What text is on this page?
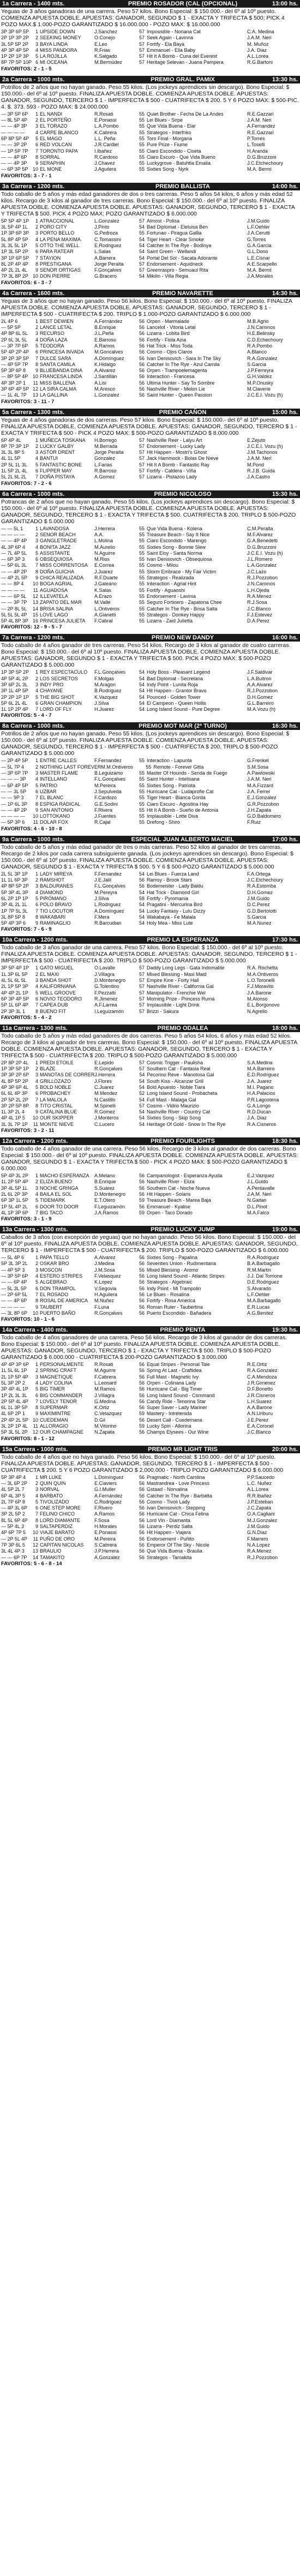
1a Carrera - 1400 mts.	PREMIO ROSADOR (CAL (OPCIONAL)	13:00 hs.
Yeguas de 3 años ganadoras de una carrera. Peso 57 kilos. Bono Especial: $ 150.000.- del 6º al 10º puesto. COMIENZA APUESTA DOBLE. APUESTAS: GANADOR, SEGUNDO $ 1 - EXACTA Y TRIFECTA $ 500; PICK 4 POZO MAX.$ 1.000-POZO GARANTIZADO $ 16.000.000 - POZO MAX: $ 16.000.000
3P 3P 6P 5P	1 UPSIDE DOWN	J.Sanchez	57 Impossible - Noriana Cat	C.A. Medina
2P 1P 3P 2P	2 SEEKING MONEY	O.Conejo	57 Seek Again - Lavinna	J.A.M. Neri
3L 5P 5P 2P	3 BAYA LINDA	E.Leo	57 Fortify - Ela Baya	M. Muñoz
4P 3P 4P 5P	4 MISS PANDORA	R.Frias	57 Emmanuel - Ella Baby	J.A. Diaz
1P 2P 1P 3P	5 LA ROJILLA	K.Salgado	57 Hit It A Bomb - Cuna del Everest	A.L.Lorea
8P 7P 5P 10P 6 MI OCEANA	M.Bermúdez	57 Heritage Selevan - Juana Pampera	R.G.Bartoni
FAVORITOS: 2 - 1 - 5
2a Carrera - 1000 mts.	PREMIO GRAL. PAMIX	13:30 hs.
Potrillos de 2 años que no hayan ganado. Peso 55 kilos. (Los jockeys aprendices sin descargo). Bono Especial: $ 150.000.- del 6º al 10º puesto. FINALIZA APUESTA DOBLE. COMIENZA APUESTA DOBLE. APUESTAS: GANADOR, SEGUNDO, TERCERO $ 1 - IMPERFECTA $ 500 - CUATRIFECTA $ 200. 5 Y 6 POZO MAX: $ 500-PIC. 4. $. 373. 593 - POZO MAX: $ 24.000.000
— 3P 5P 6P	1 EL NANDI	R.Rosati	55 Quiet Brother - Fecha De La Andes	R.E.Gazzari
— 8L 5P 4P	2 EL PORTEÑO	E.Ponassi	55 Lei Blues - Sirpe	J.A.M. Neri
— — 4P 3P	3 EL TORAZO	L.A.Pombo	55 Que Vida Buena - Elar	A.Fernandez
— — — —	4 CARPE BLANCO	K.Cabrera	55 Strategos - Interfriko	R.E.Gazzari
6P 8P 5P 4P	5 EL MAGO	L.L. Peña	55 Toro Final - Morgana	P.Torres
— — 3P 2P	6 RED VOLCAN	J.R.Cardiel	55 Pure Prize - Fiume	L.Toselli
— 1P 5P 7P	7 TORONTO PAPA	I.Ibañez	55 Ciaro Escondido - Ciseta	H.Aranda
— — 4P 6P	8 SORRAL	R.Cardoso	55 Ciaro Escuro - Que Vida Bueno	D.G.Bruzzoni
— — 4P 3P	9 SERAPHIN	J.Chavez	55 Luckygrove - Batuhtla Emalia	J.C.Etchechoury
— 6P 3P 5P 10 EL MONE	J.Aguilera	55 Sixties Song - Nyrk	M.A. Bermi
FAVORITOS: 3 - 7 - 1
3a Carrera - 1200 mts.	PREMIO BALLISTA	14:00 hs.
Todo caballo de 5 años y más edad ganadores de dos o tres carreras. Peso 5 años 54 kilos, 6 años y más edad 52 kilos. Recargo de 3 kilos al ganador de tres carreras. Bono Especial: $ 150.000.- del 6º al 10º puesto. FINALIZA APUESTA DOBLE. COMIENZA APUESTA DOBLE. APUESTAS: GANADOR, SEGUNDO, TERCERO $ 1 - EXACTA Y TRIFECTA $ 500. PICK 4 POZO MAX: POZO GARANTIZADO $ 6.000.000
5P 5P 4P 1P	1 ATRACCIONAL	L.Gonzalez	57 Almost - Polisa	J.M.Guido
3L 5P 4P 1L	2 PORO CITY	J.Pinto	54 Bad Diplomat - Eleluisa Ben	L.F.Oehler
1P 3P 6P 3P	3 PORTO BELLO	G.Pedroza	55 Fortunao - Piragua Gallia	J.A.Cerutti
5L 8P 4P 5P	4 LA PENA MAXIMA	C.Tomassini	54 Tiger Heart - Clear Smoke	G.Torres
3L 3L 5L 1P	5 OTTO THE WELL	E.Rodriguez	54 Catcher In The Rye - Bodinya	G.A.Garcia
1P 3L 5P 2P	6 PARA RATEAR	L.Salas	54 Saint Green - Wellandi	G.L.Dono
3P 1P 6P 5P	7 STAYION	A.Barrera	54 Portal Del Sol - Sacata Adorante	L.E.Cisnar
8L 2P 4P 4P	8 PRESTIGANA	Jorge Peralta	57 Endorsement - Aquidneck	A.E.Scarpello
4P 2L 2L 4L	9 SENOR ORTIGAS	F.Gonçalves	57 Greenraspro - Semuaul Rita	M.A. Bermi
7P 3L 8P 2P 10 DON PIERRE	G.Bracero	54 Mikilin - Villa Regia	J.A.Morales
FAVORITOS: 6 - 3 - 7
4a Carrera - 1600 mts.	PREMIO NAVARETTE	14:30 hs.
Yeguas de 3 años que no hayan ganado. Peso 56 kilos. Bono Especial: $ 150.000.- del 6º al 10º puesto. FINALIZA APUESTA DOBLE. COMIENZA APUESTA DOBLE. APUESTAS: GANADOR, SEGUNDO, TERCERO $ 1 - IMPERFECTA $ 500 - CUATRIFECTA $ 200. TRIPLO $ 1.000-POZO GARANTIZADO $ 6.000.000
2L 4P 6	1 BEST DEWIEN	A.Fernández	56 Orpen - Marmalade	M.B.Agrio
— 5P 5P	2 LANCE LETAL	B.Enrique	56 Lancelot - Vitoria Letal	J.N.Caminos
4P 8P 6L 5L	3 RECURSO	J.L.Peña	56 Lizarra - Lobita Bird	H.E.Belinsky
2P 6L 3L 5L	4 DOÑA LAZA	E.Barroso	56 Fortify - Fiola Azia	C.D.Echechoury
— 3P 7P 6P	5 TEODORA	A.Ramos	56 Hat Trick - Miss Toda	R.A.Pombo
5P 4P 2P 4P	6 PRINCESA INVADA	M.Goncalves	56 Cosmo - Ojos Claros	A.Blanco
3P 2P 3P 5P	7 DULCE SARA	A.Domínguez	56 Ivan Denisovich - Sara In The Sky	R.A.Gonzalez
— 4P 5P 7P	8 SANTA CAMILA	K.Hidalgo	56 Catcher In The Rye - Azul Camila	S.Garcia
5P 3P 6P 8	9 BLUEBANDA DINA	A.Alvarez	56 Orpen - Trampoelemagenta	J.P.Ferreyra
— 8P 5P 4P 10 FRANCESA LINDA	J.Santillán	56 Interaction - Francesa	G.H.Valdez
4P 3P 2P 1	11 MISS BALLENA	A.Lisi	56 Ultima Hunter - Say To Sombre	M.P.Onusky
3P 6P 4P 5P 12 LA SIRA CALMA	M.Aresco	56 Nashville River - Melon Lie	M.Claverie
— 1L 4L 7P	13 LA GALLINA	L.Gonzalez	56 Saint Hunter - Queen Passion	J.C.E.I. Vozu (h)
FAVORITOS: 3 - 11 - 7
5a Carrera - 1300 mts.	PREMIO CAÑON	15:00 hs.
Yeguas de 4 años ganadoras de dos carreras. Peso 57 kilos. Bono Especial: $ 150.000.- del 6º al 10º puesto. FINALIZA APUESTA DOBLE. COMIENZA APUESTA DOBLE. APUESTAS: GANADOR, SEGUNDO, TERCERO $ 1 - EXACTA Y TRIFECTA $ 500 - PICK 4 POZO MAX: $ 500-POZO GARANTIZADO $ 8.000.000
6P 4P 4L	1 MUÑECA TOSKANA	H.Borrego	57 Nashville Reer - Lalyu Art	E.Zejuto
8P 7P 3P 1P	2 LUCKY GALBY	M.Berrada	57 Endorsement - Lucky Lady	J.C.E.I. Vozu (h)
3L 3L 8P 5	3 ASTOR DRENT	Jorge Peralta	57 Hit Happen - Mostri's Ghost	J.M.Tachonos
4L 1L 5P	4 BANTUI	Gonzalez	57 Jack Hammock - Bolas De Nieve	J.A.M. Neri
2P 5L 1L 3L	5 FANTASTIC BONE	L.Farias	57 Hit It A Bomb - Fantastic Ray	M.Pond
1L 5P 2L 4L	6 FLIPPER MAY	R.Barroso	57 Fortify - Caldera - Viña	R.J.B. Guida
5L 2L 6L 2L	7 DOÑA PISTAYA	A.Gomez	57 Lizarra - Pistazoo Lady	J.A.Castro
FAVORITOS: 7 - 2 - 6
6a Carrera - 1000 mts.	PREMIO NICOLOSO	15:30 hs.
Potrancas de 2 años que no hayan ganado. Peso 55 kilos. (Los jockeys aprendices sin descargo). Bono Especial: $ 150.000.- del 6º al 10º puesto. FINALIZA APUESTA DOBLE. COMIENZA APUESTA DOBLE. APUESTAS: GANADOR, SEGUNDO, TERCERO $ 1 - EXACTA Y TRIFECTA $ 500. CUATRIFECTA $ 200. TRIPLO $ 500-POZO GARANTIZADO $ 5.000.000
— — 5L 1	1 LAVANDOSA	J.Herrera	55 Que Vida Buena - Kolena	C.M.Peralta
— — — —	2 SENOR BEACH	A.A.	55 Treasure Beach - Say It Nice	M.F.Alvarez
— — 4P 4P	3 GANGLETRADE	L.Molina	55 Ciaro Escondido - Marengo	G.A.Benedetti
4L 3P 6P 4	4 BONITA JAZZ	M.Aurelio	55 Sixties Song - Bonnie Slew	D.G.Bruzzoni
— 7L 4P 5L	5 ASSISTANTE	N.Aguirre	55 Saint Eloy - Santa Norma	J.C.E.I. Vozu (h)
— 6P 3P 3	6 OBSEQUIOSA	M.Rios	55 Ivan Denisovich - Obsequiosa	J.L.Romero
— 5P 6L 3L	7 MISS CORRENTOSA	E.Correa	55 Cosmo - Milou	L.A.Gonzalez
— — 4P 2P	8 DOÑA GUICHA	J.Juarez	55 Storm Embrace - My Fair Victim	J.C.Lazo
— 4P 2L 5P	9 CHICA REALIZADA	R.F.Duarte	55 Strategos - Realizada	R.J.Pozzobon
— — 8P 4	10 BOGA AGRIAL	J.Galeano	55 Interaction - Agrial Hint	J.N.Caminos
— — — —	11 AGUADOSA	K.Salas	55 Fortify - Aguaoshi	L.H.Ojeda
— — 6P 5L	12 ILLEVATELA	A.Erazo	55 Endorsement - Lavinia	R.A.Menez
— — 3P 7P	13 ZAPATO DEL MAR	M.Valle	55 Seguro Fortinero - Zapatona Chee	R.J.Sosa
— 2P 8L 5L	14 BRISA SALINA	L.Ontiveros	55 Catcher In The Rye - Brisa Salta	J.C.Blanco
5L 5L 5L 4P	15 LOVE LAGO	A.Gianetti	55 Strategos - Donkey Happy	F.J.Estevez
5P 4L 8P 3P 16 PRINCESA JULIETA	F.Cabral	55 Lizarra - Zaid Julietta	D.A.Perez
FAVORITOS: 12 - 9 - 5 - 7
7a Carrera - 1200 mts.	PREMIO NEW DANDY	16:00 hs.
Todo caballo de 4 años ganador de tres carreras. Peso 54 kilos. Recargo de 3 kilos al ganador de cuatro carreras. Bono Especial: $ 150.000.- del 6º al 10º puesto. FINALIZA APUESTA DOBLE. COMIENZA APUESTA DOBLE. APUESTAS: GANADOR, SEGUNDO $ 1 - EXACTA Y TRIFECTA $ 500. PICK 4 POZO MAX: $ 500-POZO GARANTIZADO $ 5.000.000
1P 3P 5P 2P	1 REY ESPECTACULO	F.L.Gonçalves	54 Holy Boss - Pleasant Legend	J.F.Saldivar
4P 5P 4L 2P	2 LOS SECRETOS	F.Molgas	54 Bad Diplomat - Secretaria	L.A.Buitron
3P 6P 2L 3L	3 INDY PRO	M.Aragon	54 Indy Point - Lunita Roja	A.A.Alvarez
3P 1L 4P 5P	4 CHAYANE	B.Rodriguez	54 Hit Happen - Grantor Bravo	R.J.Pozzobon
2P 2P 1P 1P	5 THE BIG SHOT	K.Vazquez	54 Pounced - Golden Tower	D.H.Gomez
5P 6L 2L 4L	6 GRAN CHAMPION	J.Silva	54 El Campeon - Queen Hollis	G.L.Barreiro
1L 1P 2P 4P	7 LORD OF FLY	H.Juarez	54 Long Island Sound - Pure Degree	M.A.Vozu (h)
FAVORITOS: 5 - 4 - 7
8a Carrera - 1000 mts.	PREMIO MOT MAR (2ª TURNO)	16:30 hs.
Potrillos de 2 años que no hayan ganado. Peso 55 kilos. (Los jockeys aprendices sin descargo). Bono Especial: $ 150.000.- del 6º al 10º puesto. FINALIZA APUESTA DOBLE. COMIENZA APUESTA DOBLE. APUESTAS: GANADOR, SEGUNDO, TERCERO $ 1 - IMPERFECTA $ 500 - CUATRIFECTA $ 200. TRIPLO $ 500-POZO GARANTIZADO $ 5.000.000
— 2P 4P 5P	1 ENTRE CALLES	F.Fernandez	55 Interaction - Lapunta	G.Frenkel
— 5L 7P 4	2 NOTHING LAST FOREVER M.M.Ontiveros	55 Remote - Forever Gitta	S.M.Sosa
— 3P 6P 7P	3 MASTER FLAME	B.Leguizamo	55 Master Of Hounds - Senda de Fuego	A.Pawlowski
— — — 3P	4 INTELLANO	F.L.Gonçalves	55 Saint Hunter - Intelisana	J.A.M. Neri
— 6P 4P 5P	5 PATRIO	M.Pereira	55 Sixties Song - Patriota	M.A.Fizzard
— — 3L 5P	6 UZBAR	J.Sepulveda	55 Hurricane Cat - Ludaprofie Cat	J.A. Ferrer
— — 9P 3	7 EL BLANC	F.Cardozo	55 Tiger Heart - Bianca Gorda	E.J.Gonzalez
— 1P 6L 3P	8 ESPIGA RADICAL	G.E.Sodini	55 Ciaro Escuro - Agostina Hay	G.R.Pozzobon
— — 4P 2P	9 SAN ANTONIO	F.Rivera	55 Hit It A Bomb - Sueño de Antonia	J.H.Zapata
— — — —	10 LOTTOKANO	J.Fuentes	55 Implausible - Lotte Diva	G.D.Baldomero
— 5P 3P 6	11 DOLAR FOX	R.Cajal	55 Drefong - Shiro	F.Ruiz
FAVORITOS: 4 - 6 - 10 - 8
9a Carrera - 1000 mts.	ESPECIAL JUAN ALBERTO MACIEL	17:00 hs.
Todo caballo de 5 años y más edad ganador de tres o más carreras. Peso 52 kilos al ganador de tres carreras. Recargo de 2 kilos por cada carrera subsiguiente ganada. (Los jockeys aprendices sin descargo). Bono Especial: $ 150.000.- del 6º al 10º puesto. FINALIZA APUESTA DOBLE. COMIENZA APUESTA DOBLE. APUESTAS: GANADOR, SEGUNDO $ 1 - EXACTA Y TRIFECTA $ 500. 5 Y 6 $ 500-POZO GARANTIZADO $ 5.000.000
2L 5L 3P 1P	1 LADY MIREYA	F.Fernandez	54 Lei Blues - Fuerza Land	F.A.Ortega
1L 1L 6P 3P	2 RAMSHOT	J.E.Jalil	56 Ramsy - Brook Stars	J.C.Etchechoury
4P 8P 5P 2P	3 BALDURANES	F.L.Gonçalves	56 Bodemeister - Lady Baldu	R.A.Estomba
5P 3P 4L 3P	4 DIAMOND	M.Pereyra	54 Hat Trick - Diamond Girl	D.H.Gomez
6L 2P 1P 1P	5 PIRÓMANO	J.Silva	58 Fortify - Pyromania	J.M.Guido
3P 4L 2L 1L	6 POLO BRAVO	L.Rodriguez	54 Pragatini - Mercurina Bird	D.C.Perez
1P 7P 5L 3L	7 TIO LOCUTOR	A.Domínguez	54 Lucky Fantasy - Lulu Dizzy	G.D.Bertolotti
3L 8P 5P 8	8 WAKABARI	F.Mera	54 Wakabaya - Fe Malala	S.Garcia
5P 4P 3P 6	9 RAMINAGLIO	R.Barcudian	54 Holy Mea - Miss Lute	M.A.Nunez
FAVORITOS: 7 - 6 - 9
10a Carrera - 1200 mts.	PREMIO LA ESPERANZA	17:30 hs.
Todo caballo de 3 años ganador de una carrera. Peso 57 kilos. Bono Especial: $ 150.000.- del 6º al 10º puesto. FINALIZA APUESTA DOBLE. COMIENZA APUESTA DOBLE. APUESTAS: GANADOR, SEGUNDO, TERCERO $ 1 - IMPERFECTA $ 500 - CUATRIFECTA $ 200. TRIPLO $ 500-POZO GARANTIZADO $ 5.000.000
3P 5P 4P 1P	1 GATO MIGUEL	O.Lavalle	57 Daddy Long Legs - Gata Indomable	R.A. Rochetta
1L 3P 6L 5P	2 EL MAXI	J.Villagra	57 Mixed Blessing - Maxi Maid	M.A.Ontiveros
4L 5L 6L 5L	3 BANDA SHOT	D.Montenegro	57 Empire Kine - Forty Hall	L.O.Toronelli
2L 1P 5P 3P	4 KALIFORNIANA	G.Tolentino	57 Nashville River - California Gal	F.J.Moravito
4P 4P 2L 1P	5 WELL GROOVE	F.Pezzatti	57 Manipulator - Frenchie Wel	J.A.Barone
6P 3P 4P 5P	6 NOVIO TEODORO	R.Jimenez	57 Morning Prize - Princess Ruma	M.Alonso
5P 1L 6P 4P	7 CAPEA DUB	A.F.Larrea	57 Implausible - Light Drink	E.L.Borgonovo
2P 3P 3L 1	8 BUENO FIT	I.Leguizamón	57 Brizzi - Sakura	N.Agrello
FAVORITOS: 5 - 4 - 2
11a Carrera - 1300 mts.	PREMIO ODALEA	18:00 hs.
Todo caballo de 5 años y más edad ganadores de dos carreras. Peso 5 años 54 kilos, 6 años y más edad 52 kilos. Recargo de 3 kilos al ganador de tres carreras. Bono Especial: $ 150.000.- del 6º al 10º puesto. FINALIZA APUESTA DOBLE. COMIENZA APUESTA DOBLE. APUESTAS: GANADOR, SEGUNDO, TERCERO $ 1 - EXACTA Y TRIFECTA $ 500 - CUATRIFECTA $ 200. TRIPLO $ 500-POZO GARANTIZADO $ 5.000.000
2P 8P 2P 4L	1 PREDI ETOILE	E.Lepido	57 Cosmic Trigger - Paulisha	S.A.Medina
1P 3P 5P 1P	2 BLAZE	R.Gonçalves	57 Southern Cat - Fantasia Real	M.A.Barreiro
3P 3P 2P 6P	3 MANOTAS DE CORRER J.Herrera	54 Pecorino Reve - Manotosa Gal	E.D.Rodriguez
4L 8P 5P 2P	4 GRILLOZAZO	J.Flores	54 South Kiss - Alcanzar Grill	J.A. Juarez
4P 3P 6P 4L	5 BOLD NOBLE	C.Juarez	54 Bold Apuesto - Noble Tiara	M.I. Pagano
6L 6L 4P 3P	6 PROBACHEY	M.Mendez	52 Long Island Sound - Probacheta	H.A.Palacios
2P 5P 2L 2P	7 LA MALOLA	N.Castillo	54 Full Mast - Malaga Gal	P.R.Lagostena
3P 2P 5P 8P	8 TITO CRISTAL	M.Spinelli	57 Cosmo - Vidrio Maurizio	G.A.Longo
1L 3P 2L 4	9 CATALINA BLUE	R.Gomez	54 Nashville River - Country Cat	R.D.Ducan
4P 4L 1P 5	10 OUR SKIPPER	J.Monteros	54 Sixties Song - Skip Song	J.A. Diaz
3L 3L 7P 1P	11 MONTE NIEVE	C.Lucero	54 Heritage Of Gold - Snow In The Rye	R.A.Cisneros
FAVORITOS: 3 - 2 - 11
12a Carrera - 1200 mts.	PREMIO FOURLIGHTS	18:30 hs.
Todo caballo de 4 años ganador de una carrera. Peso 56 kilos. Recargo de 3 kilos al ganador de dos carreras. Bono Especial: $ 150.000.- del 6º al 10º puesto. FINALIZA APUESTA DOBLE. COMIENZA APUESTA DOBLE. APUESTAS: GANADOR, SEGUNDO $ 1 - EXACTA Y TRIFECTA $ 500 - PICK 4 POZO MAX: $ 500-POZO GARANTIZADO $ 6.000.000
5P 4P 3L 2P	1 MACHO ESPERANZA	A.Melano	56 Campanologist - Esperanza Ayuda	E.J.Vazquez
1L 2P 5P 4P	2 ELIZA BUENO	B.Enrique	56 Nashville River - Eliza	J.L.Guido
3P 4L 5P 1L	3 NOCHE GRINGA	S.Suárez	56 Southern Cat - Noche Nueva	A.Pentavalle
2L 6L 2P 3P	4 BAILA EL SOL	D.Montenegro	56 Hit Happen - Solaris	J.A.M. Neri
6P 3P 1L 5P	5 TIDEMARK	E.T.Otero	59 Treasure Beach - Marea Baja	N.Gaitan
1P 5L 4P 2L	6 DOOR TO DOOR	F.Leguizamón	56 Emmanuel - Kyalise	D.L.Pinot
4L 1P 3P 6P	7 BIG TACO	J.A.Ramos	59 Orpen - Taco Dorado	M.A.Falco
FAVORITOS: 3 - 1 - 9
13a Carrera - 1300 mts.	PREMIO LUCKY JUMP	19:00 hs.
Caballos de 3 años (con excepción de yeguas) que no hayan ganado. Peso 56 kilos. Bono Especial: $ 150.000.- del 6º al 10º puesto. FINALIZA APUESTA DOBLE. COMIENZA APUESTA DOBLE. APUESTAS: GANADOR, SEGUNDO, TERCERO $ 1 - IMPERFECTA $ 500 - CUATRIFECTA $ 200. TRIPLO $ 500-POZO GARANTIZADO $ 6.000.000
— 5L 4P 6	1 PAPA TELLO	A.Alvarez	56 Sixties Song - Papalina	R.A.Rodriguez
5P 3L 3P 2L	2 OSKAR BRO	J.Medina	56 Seventies Union - Rudimentaria	B.A.Barbagallo
— 4P 5P 3	3 MOSCON	J.M.Sosa	56 Mixed Blessing - Aromo	R.M.Martin
— 3P 5P 6P	4 ESTERO STRIPES	F.Velasquez	56 Long Island Sound - Atlantic Stripes	J.J. Dal Torrione
— — 6P 4P	5 ALGEBRAO	K.Lopez	56 Strategos - Algebraic	D.E.Rodriguez
— 5L 3L 5P	6 DON TRAMPOL	V.Segovia	56 Indy Point - Mi Trampolin	S.Alvarado
— 2P 6P 5L	7 EL ROSADO	H.Aguilera	56 Le Blues - Rosalina	L.F.Oehler
— — 4P 6P	8 ROSAL DE AMERICA	M.Nuñez	56 Fortify - Rosa America	M.A.Barbagallo
— — — —	9 TAUBERT	F.Luna	56 Roman Ruler - Taubertina	E.R.Lucas
— 3L 8P 6P	10 PUERTO BAÑO	R.Gonçalves	56 Puerto Escondido - Bañadera	A.G.Benitez
FAVORITOS: 10 - 1 - 6
14a Carrera - 1400 mts.	PREMIO PENTA	19:30 hs.
Todo caballo de 4 años ganadores de una carrera. Peso 56 kilos. Recargo de 3 kilos al ganador de dos carreras. Bono Especial: $ 150.000.- del 6º al 10º puesto. FINALIZA APUESTA DOBLE. COMIENZA APUESTA DOBLE. APUESTAS: GANADOR, SEGUNDO, TERCERO $ 1 - EXACTA Y TRIFECTA $ 500. TRIPLO $ 500-POZO GARANTIZADO $ 6.000.000 - CUATRIFECTA $ 200-POZO GARANTIZADO $ 3.000.000
4P 4P 3P 6P	1 PERSONALMENTE	R.Rosati	56 Equal Stripes - Personal Tale	R.E.Ortiz
1L 5L 6L 1P	2 SPRING CRAFT	M.Aguirre	56 Spring At Last - Craftidea	R.A.Gonzalez
2L 1P 5P 4P	3 MAGNETIQUE	F.Cabrera	56 Full Mast - Magnetic Ivy	C.A.Mendoza
5L 3P 2P 2	4 LADY COLINA	L.Leonard	56 Orpen - Colinana Lady	J.R.Gimenez
3P 4P 4L 1P	5 BIG TIMER	M.Ramos	56 Hurricane Cat - Big Timer	D.F.Bonetto
1P 2L 3L 3L	6 BIG COMMANDER	J.Villagra	56 Long Island Sound - Command	J.R.Cisneros
2P 5P 4L 4P	7 LOVELY TENOR	G.Medina	56 Candy Ride - Tenorina Star	L.H.Suarez
6L 1L 3P 5P	8 SUPERMAR	K.Ortiz	56 Super Saver - Lady Mariner	A.A.Barone
4L 6P 2P 1	9 MAXIMINTRE	C.Velazquez	59 Mastery - Intretenida	A.N.Uriburu
2P 4P 2L 5P 10 CUEDEMAN	D.Gil	56 Desert Call - Cuedemana	J.E.Perez
3L 2P 1P 4L	11 ALLORAGIO	M.Vitorino	59 Lucky Spin - Allorina	E.A.Coronel
5P 3L 5L 2P	12 OUR CHAMPAGNE	N.Zapata	56 Champs Elysees - Our Wine	J.C.Blanco
FAVORITOS: 8 - 1 - 12
15a Carrera - 1000 mts.	PREMIO MR LIGHT TRIS	20:00 hs.
Todo caballo de 4 años que no haya ganado. Peso 56 kilos. Bono Especial: $ 150.000.- del 6º al 10º puesto. FINALIZA APUESTA DOBLE. APUESTAS: GANADOR, SEGUNDO, TERCERO $ 1 - IMPERFECTA $ 500 - CUATRIFECTA $ 200. 5 Y 6 POZO GARANTIZADO $ 2.000.000 - TRIPLO POZO GARANTIZADO $ 6.000.000
5P 3P 4P 4	1 MR LUKE	L.Domínguez	56 Pragmatic - North Carolina	P.P.Saucedo
— 3L 6P 2P	2 QUIN QUIN	E.Ciaviers	56 Mastrandrea - Love Princess	L.C. Nuñez
4L 5P 2L 7	3 NORVAL	G.I.Muller	56 Gstaad - Norvalina	A.L.Lorea
6P 4L 3P 5	4 BARBATO	A.Fernández	56 Catcher In The Rye - Barbatta	R.R.Ibañez
2L 7P 6P 8	5 TIVOLIZADO	C.Rodriguez	56 Cosmo - Tivoli Lady	J.P.Esteban
— 4P 3L 6P	6 ONE STEP MORE	F.Rivero	56 Ivan Denisovich - Stepping	J.C.Zapata
3P 2L 5P 2	7 FELINO CHICO	A.Ramos	56 Hurricane Cat - Chica Felina	O.A.Cagliani
8L 5L 6P 4P	8 LORD DIAMANTE	F.Sosa	56 Lord Vin - Diamanta	M.J.Gonzalez
— 5P 4L 3	9 SALTAPERDIZ	H.Morales	56 Lizarra - Perdiz Salta	J.M.Guido
4P 6P 7P 5	10 VIAJE BARATO	E.Ponassi	56 Hit Happen - Viajera	G.N.Diaz
— 2P 5L 4P	11 PUÑO DE ORO	M.Pereira	56 Endorsement - Puñito	F.Marrero
7P 3P 6L 5	12 CAPITAN NICOLAS	S.Cabrera	56 Emperor Of The Sky - Nicole	N.A.Lopez
3L 4L 4P 3	13 BRAULIO	J.P.Herrera	56 Que Vida Buena - Braulia	R.A.Menez
— — 6P 7P	14 TAMAKITO	A.Gonzalez	56 Strategos - Tamakita	R.J.Pozzobon
FAVORITOS: 5 - 6 - 8 - 14
